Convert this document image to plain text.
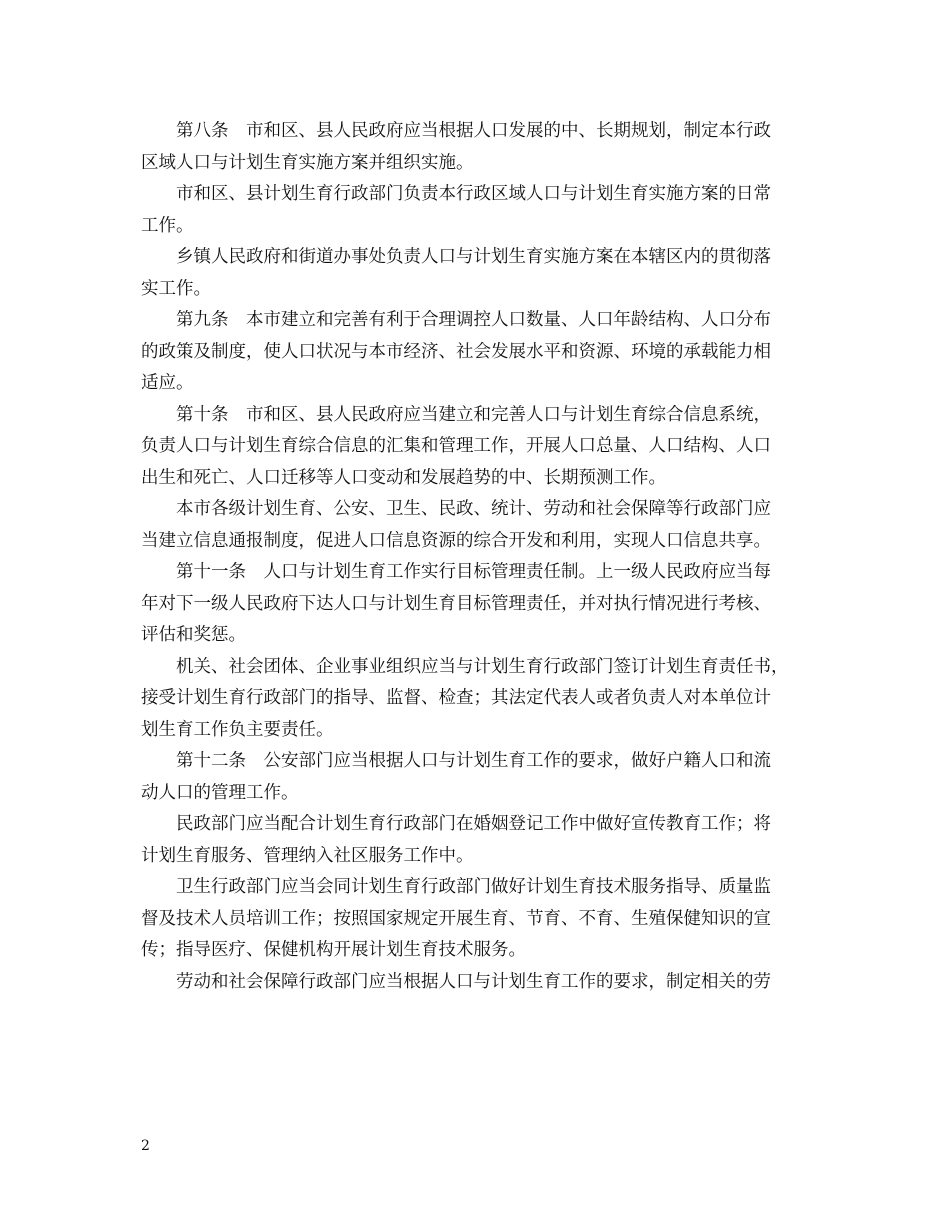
第八条　市和区、县人民政府应当根据人口发展的中、长期规划，制定本行政
区域人口与计划生育实施方案并组织实施。

市和区、县计划生育行政部门负责本行政区域人口与计划生育实施方案的日常
工作。

乡镇人民政府和街道办事处负责人口与计划生育实施方案在本辖区内的贯彻落
实工作。

第九条　本市建立和完善有利于合理调控人口数量、人口年龄结构、人口分布
的政策及制度，使人口状况与本市经济、社会发展水平和资源、环境的承载能力相
适应。

第十条　市和区、县人民政府应当建立和完善人口与计划生育综合信息系统，
负责人口与计划生育综合信息的汇集和管理工作，开展人口总量、人口结构、人口
出生和死亡、人口迁移等人口变动和发展趋势的中、长期预测工作。

本市各级计划生育、公安、卫生、民政、统计、劳动和社会保障等行政部门应
当建立信息通报制度，促进人口信息资源的综合开发和利用，实现人口信息共享。

第十一条　人口与计划生育工作实行目标管理责任制。上一级人民政府应当每
年对下一级人民政府下达人口与计划生育目标管理责任，并对执行情况进行考核、
评估和奖惩。

机关、社会团体、企业事业组织应当与计划生育行政部门签订计划生育责任书，
接受计划生育行政部门的指导、监督、检查；其法定代表人或者负责人对本单位计
划生育工作负主要责任。

第十二条　公安部门应当根据人口与计划生育工作的要求，做好户籍人口和流
动人口的管理工作。

民政部门应当配合计划生育行政部门在婚姻登记工作中做好宣传教育工作；将
计划生育服务、管理纳入社区服务工作中。

卫生行政部门应当会同计划生育行政部门做好计划生育技术服务指导、质量监
督及技术人员培训工作；按照国家规定开展生育、节育、不育、生殖保健知识的宣
传；指导医疗、保健机构开展计划生育技术服务。

劳动和社会保障行政部门应当根据人口与计划生育工作的要求，制定相关的劳

2
